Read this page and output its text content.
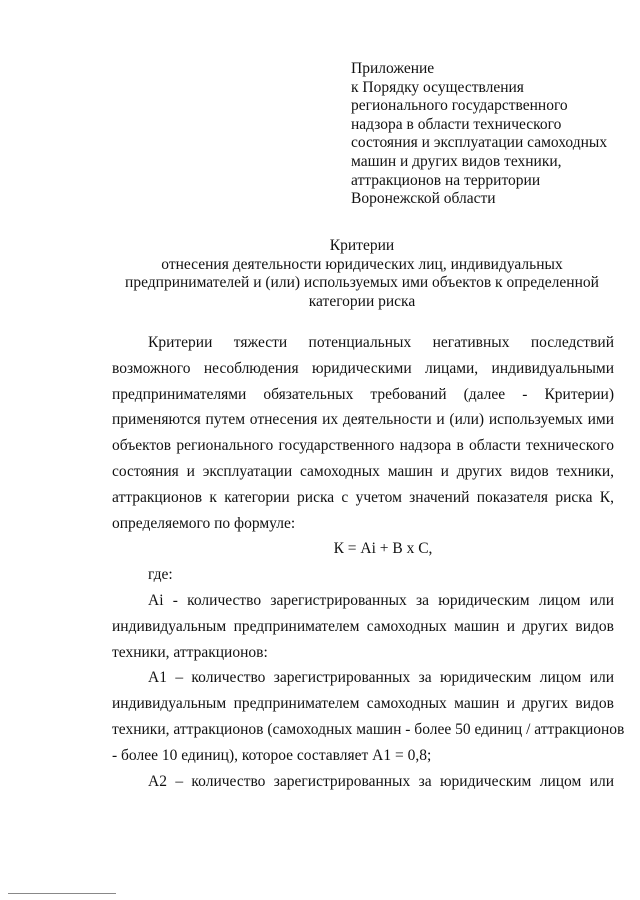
Приложение
к Порядку осуществления
регионального государственного
надзора в области технического
состояния и эксплуатации самоходных
машин и других видов техники,
аттракционов на территории
Воронежской области
Критерии
отнесения деятельности юридических лиц, индивидуальных
предпринимателей и (или) используемых ими объектов к определенной
категории риска
Критерии тяжести потенциальных негативных последствий
возможного несоблюдения юридическими лицами, индивидуальными
предпринимателями обязательных требований (далее - Критерии)
применяются путем отнесения их деятельности и (или) используемых ими
объектов регионального государственного надзора в области технического
состояния и эксплуатации самоходных машин и других видов техники,
аттракционов к категории риска с учетом значений показателя риска К,
определяемого по формуле:
К = Ai + В x С,
где:
Ai - количество зарегистрированных за юридическим лицом или
индивидуальным предпринимателем самоходных машин и других видов
техники, аттракционов:
А1 – количество зарегистрированных за юридическим лицом или
индивидуальным предпринимателем самоходных машин и других видов
техники, аттракционов (самоходных машин - более 50 единиц / аттракционов
- более 10 единиц), которое составляет А1 = 0,8;
А2 – количество зарегистрированных за юридическим лицом или
